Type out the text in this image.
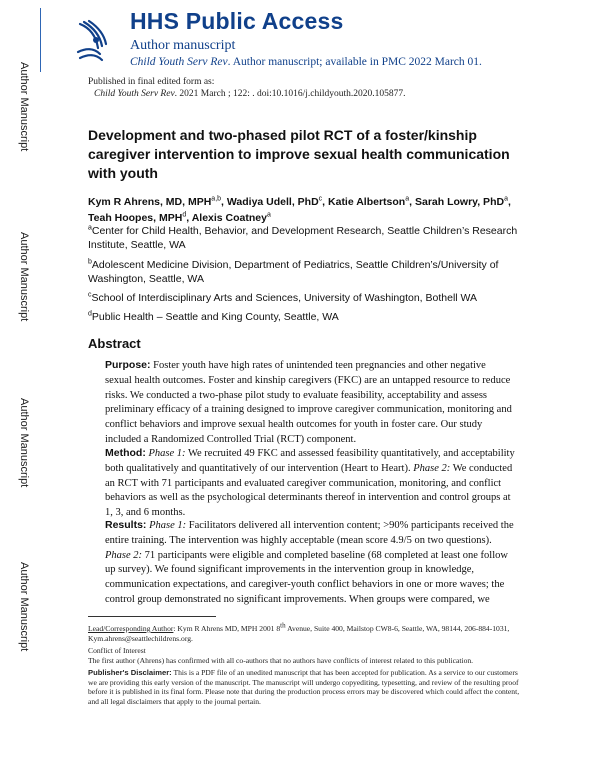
Author Manuscript
Author Manuscript
Author Manuscript
Author Manuscript
HHS Public Access
Author manuscript
Child Youth Serv Rev. Author manuscript; available in PMC 2022 March 01.
Published in final edited form as:
Child Youth Serv Rev. 2021 March ; 122: . doi:10.1016/j.childyouth.2020.105877.
Development and two-phased pilot RCT of a foster/kinship caregiver intervention to improve sexual health communication with youth
Kym R Ahrens, MD, MPH$^{a,b}$, Wadiya Udell, PhD$^c$, Katie Albertson$^a$, Sarah Lowry, PhD$^a$, Teah Hoopes, MPH$^d$, Alexis Coatney$^a$
$^a$Center for Child Health, Behavior, and Development Research, Seattle Children’s Research Institute, Seattle, WA
$^b$Adolescent Medicine Division, Department of Pediatrics, Seattle Children’s/University of Washington, Seattle, WA
$^c$School of Interdisciplinary Arts and Sciences, University of Washington, Bothell WA
$^d$Public Health – Seattle and King County, Seattle, WA
Abstract

Purpose: Foster youth have high rates of unintended teen pregnancies and other negative sexual health outcomes. Foster and kinship caregivers (FKC) are an untapped resource to reduce risks. We conducted a two-phase pilot study to evaluate feasibility, acceptability and assess preliminary efficacy of a training designed to improve caregiver communication, monitoring and conflict behaviors and improve sexual health outcomes for youth in foster care. Our study included a Randomized Controlled Trial (RCT) component.

Method: Phase 1: We recruited 49 FKC and assessed feasibility quantitatively, and acceptability both qualitatively and quantitatively of our intervention (Heart to Heart). Phase 2: We conducted an RCT with 71 participants and evaluated caregiver communication, monitoring, and conflict behaviors as well as the psychological determinants thereof in intervention and control groups at 1, 3, and 6 months.

Results: Phase 1: Facilitators delivered all intervention content; >90% participants received the entire training. The intervention was highly acceptable (mean score 4.9/5 on two questions). Phase 2: 71 participants were eligible and completed baseline (68 completed at least one follow up survey). We found significant improvements in the intervention group in knowledge, communication expectations, and caregiver-youth conflict behaviors in one or more waves; the control group demonstrated no significant improvements. When groups were compared, we

Lead/Corresponding Author: Kym R Ahrens MD, MPH 2001 8th Avenue, Suite 400, Mailstop CW8-6, Seattle, WA, 98144, 206-884-1031, Kym.ahrens@seattlechildrens.org.
Conflict of Interest
The first author (Ahrens) has confirmed with all co-authors that no authors have conflicts of interest related to this publication.
Publisher's Disclaimer: This is a PDF file of an unedited manuscript that has been accepted for publication. As a service to our customers we are providing this early version of the manuscript. The manuscript will undergo copyediting, typesetting, and review of the resulting proof before it is published in its final form. Please note that during the production process errors may be discovered which could affect the content, and all legal disclaimers that apply to the journal pertain.
